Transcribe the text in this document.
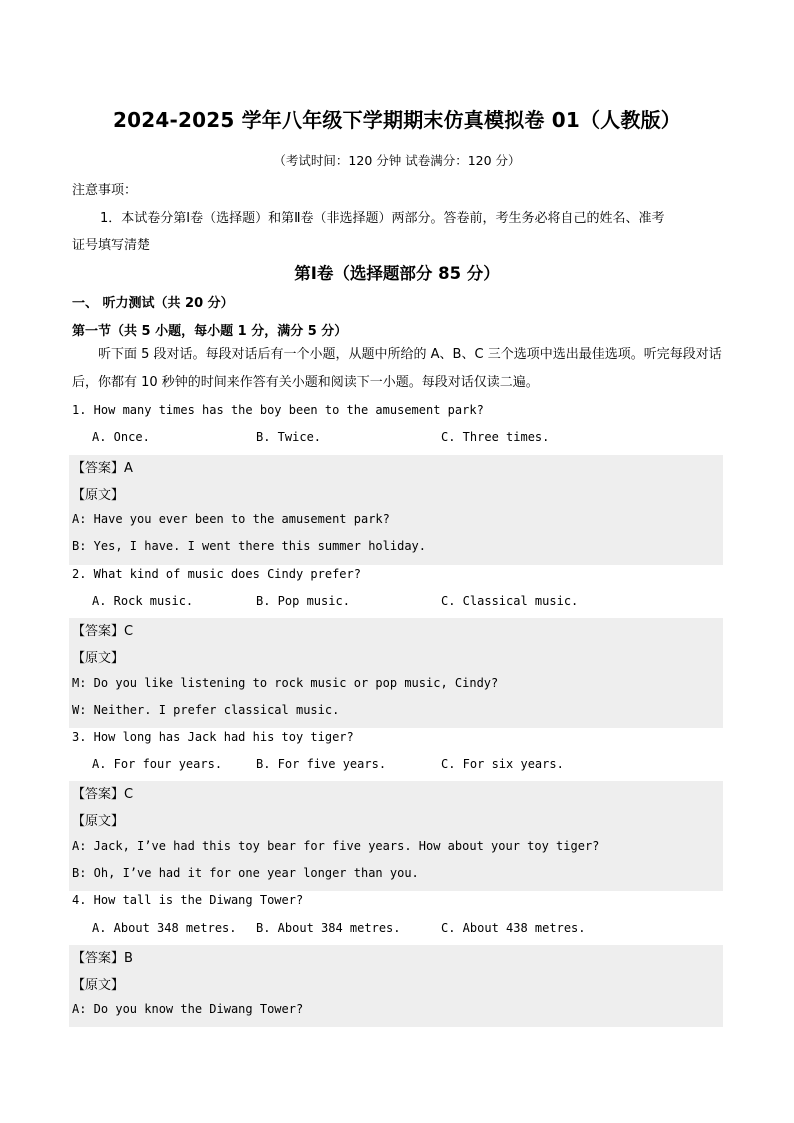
2024-2025 学年八年级下学期期末仿真模拟卷 01（人教版）
（考试时间：120 分钟 试卷满分：120 分）
注意事项：
1．本试卷分第Ⅰ卷（选择题）和第Ⅱ卷（非选择题）两部分。答卷前，考生务必将自己的姓名、准考
证号填写清楚
第Ⅰ卷（选择题部分 85 分）
一、 听力测试（共 20 分）
第一节（共 5 小题，每小题 1 分，满分 5 分）
听下面 5 段对话。每段对话后有一个小题，从题中所给的 A、B、C 三个选项中选出最佳选项。听完每段对话后，你都有 10 秒钟的时间来作答有关小题和阅读下一小题。每段对话仅读二遍。
1. How many times has the boy been to the amusement park?
A. Once.	B. Twice.	C. Three times.
【答案】A
【原文】
A: Have you ever been to the amusement park?
B: Yes, I have. I went there this summer holiday.
2. What kind of music does Cindy prefer?
A. Rock music.	B. Pop music.	C. Classical music.
【答案】C
【原文】
M: Do you like listening to rock music or pop music, Cindy?
W: Neither. I prefer classical music.
3. How long has Jack had his toy tiger?
A. For four years.	B. For five years.	C. For six years.
【答案】C
【原文】
A: Jack, I’ve had this toy bear for five years. How about your toy tiger?
B: Oh, I’ve had it for one year longer than you.
4. How tall is the Diwang Tower?
A. About 348 metres. B. About 384 metres.	C. About 438 metres.
【答案】B
【原文】
A: Do you know the Diwang Tower?
